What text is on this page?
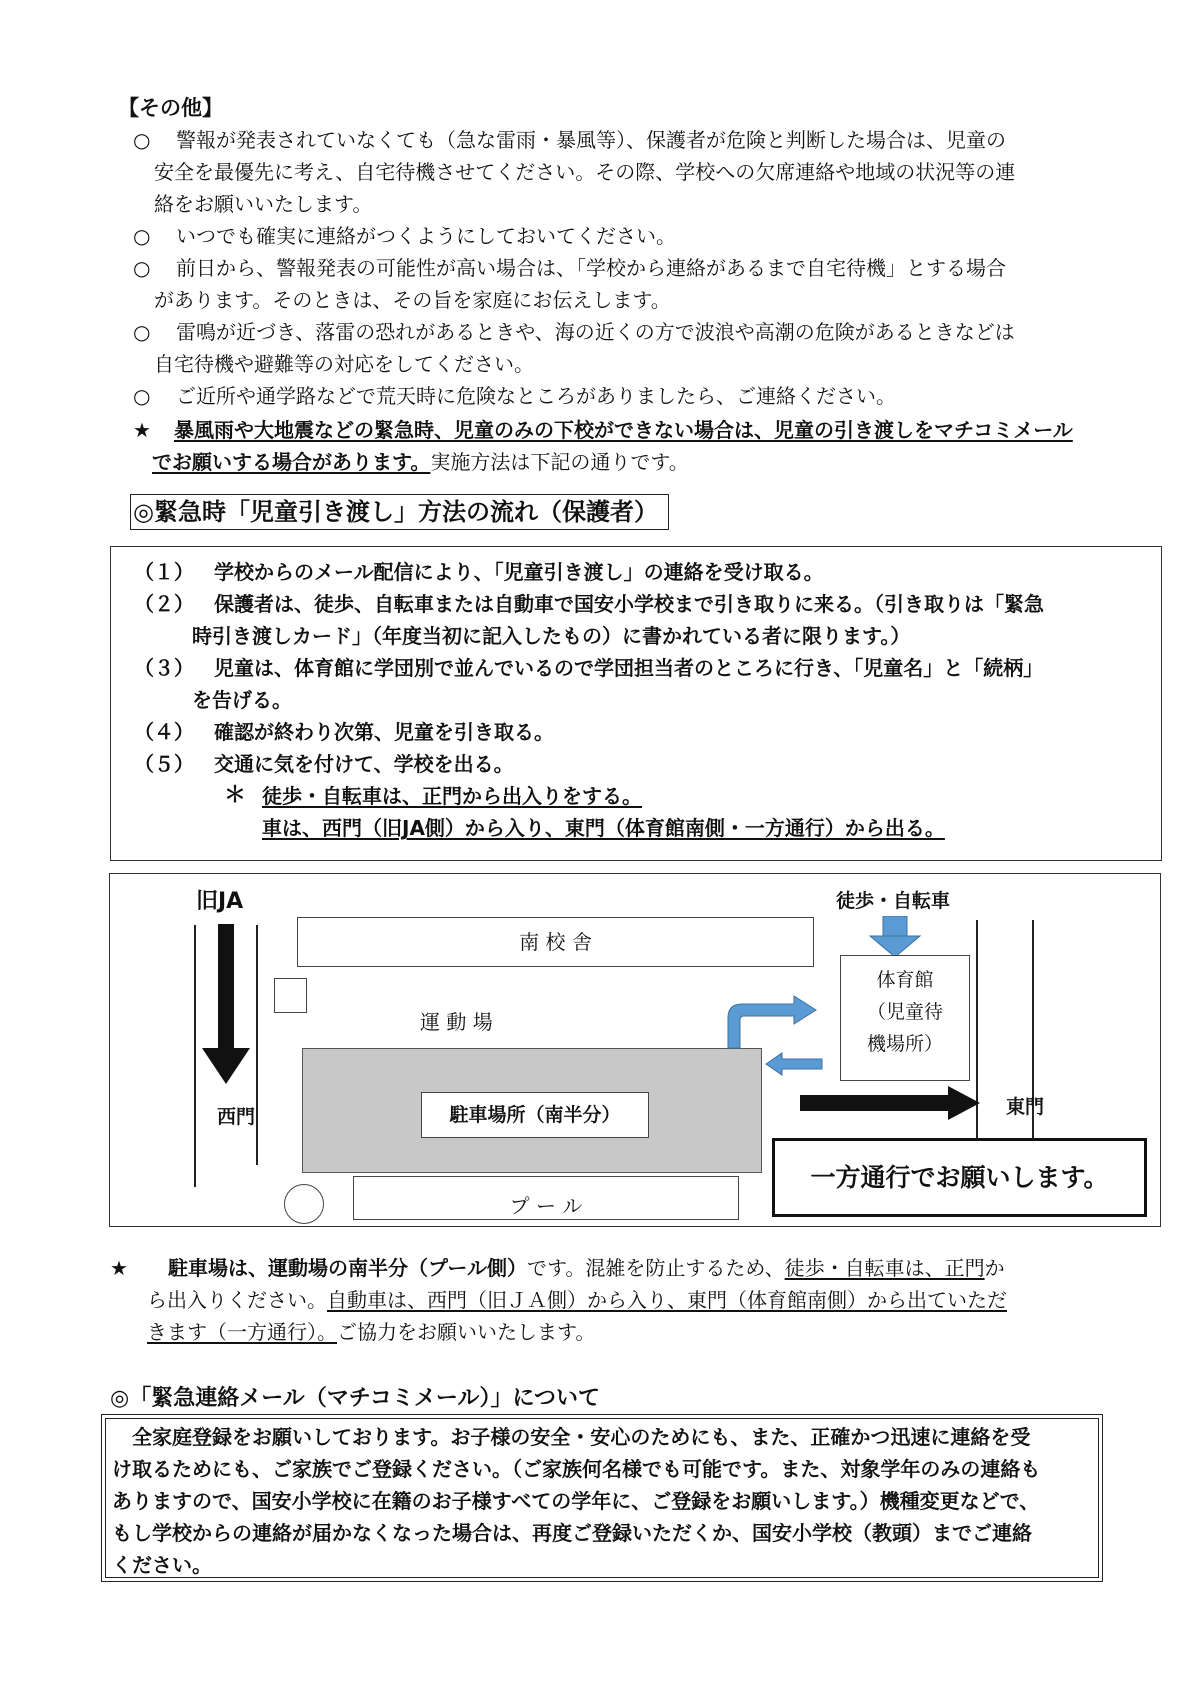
【その他】
○ 警報が発表されていなくても（急な雷雨・暴風等）、保護者が危険と判断した場合は、児童の
安全を最優先に考え、自宅待機させてください。その際、学校への欠席連絡や地域の状況等の連
絡をお願いいたします。
○ いつでも確実に連絡がつくようにしておいてください。
○ 前日から、警報発表の可能性が高い場合は、「学校から連絡があるまで自宅待機」とする場合
があります。そのときは、その旨を家庭にお伝えします。
○ 雷鳴が近づき、落雷の恐れがあるときや、海の近くの方で波浪や高潮の危険があるときなどは
自宅待機や避難等の対応をしてください。
○ ご近所や通学路などで荒天時に危険なところがありましたら、ご連絡ください。
★ 暴風雨や大地震などの緊急時、児童のみの下校ができない場合は、児童の引き渡しをマチコミメール
でお願いする場合があります。実施方法は下記の通りです。
◎緊急時「児童引き渡し」方法の流れ（保護者）
（１） 学校からのメール配信により、「児童引き渡し」の連絡を受け取る。
（２） 保護者は、徒歩、自転車または自動車で国安小学校まで引き取りに来る。（引き取りは「緊急
時引き渡しカード」（年度当初に記入したもの）に書かれている者に限ります。）
（３） 児童は、体育館に学団別で並んでいるので学団担当者のところに行き、「児童名」と「続柄」
を告げる。
（４） 確認が終わり次第、児童を引き取る。
（５） 交通に気を付けて、学校を出る。
＊ 徒歩・自転車は、正門から出入りをする。
車は、西門（旧JA側）から入り、東門（体育館南側・一方通行）から出る。
旧JA	徒歩・自転車
南 校 舎
運 動 場
体育館
（児童待
機場所）
駐車場所（南半分）
西門	東門
プ ー ル
一方通行でお願いします。
★ 駐車場は、運動場の南半分（プール側）です。混雑を防止するため、徒歩・自転車は、正門か
ら出入りください。自動車は、西門（旧ＪＡ側）から入り、東門（体育館南側）から出ていただ
きます（一方通行）。ご協力をお願いいたします。
◎「緊急連絡メール（マチコミメール）」について
　全家庭登録をお願いしております。お子様の安全・安心のためにも、また、正確かつ迅速に連絡を受
け取るためにも、ご家族でご登録ください。（ご家族何名様でも可能です。また、対象学年のみの連絡も
ありますので、国安小学校に在籍のお子様すべての学年に、ご登録をお願いします。）機種変更などで、
もし学校からの連絡が届かなくなった場合は、再度ご登録いただくか、国安小学校（教頭）までご連絡
ください。
